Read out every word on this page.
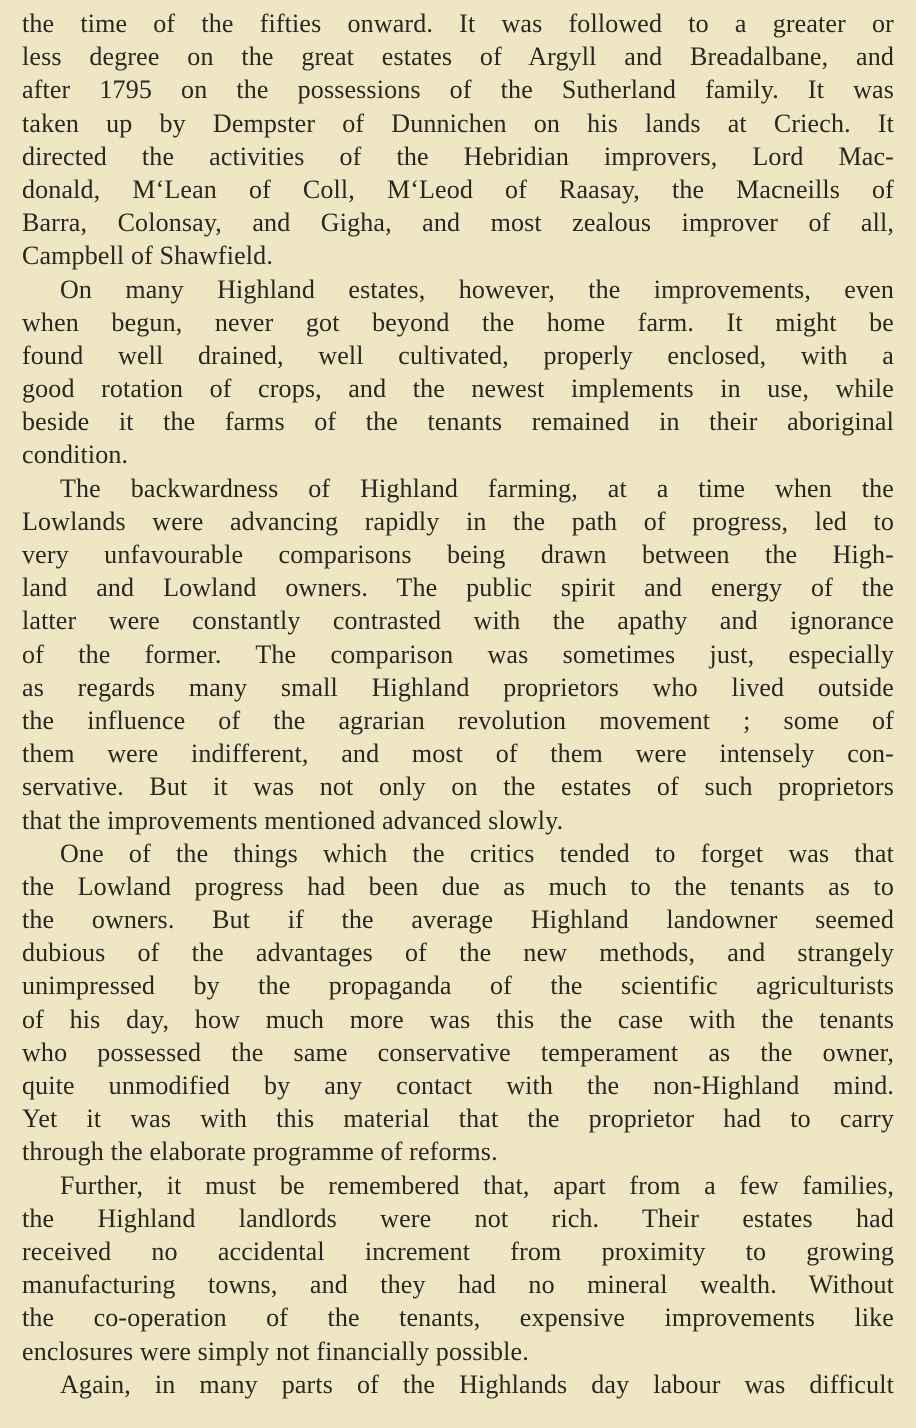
the time of the fifties onward. It was followed to a greater or
less degree on the great estates of Argyll and Breadalbane, and
after 1795 on the possessions of the Sutherland family. It was
taken up by Dempster of Dunnichen on his lands at Criech. It
directed the activities of the Hebridian improvers, Lord Mac-
donald, M‘Lean of Coll, M‘Leod of Raasay, the Macneills of
Barra, Colonsay, and Gigha, and most zealous improver of all,
Campbell of Shawfield.
On many Highland estates, however, the improvements, even
when begun, never got beyond the home farm. It might be
found well drained, well cultivated, properly enclosed, with a
good rotation of crops, and the newest implements in use, while
beside it the farms of the tenants remained in their aboriginal
condition.
The backwardness of Highland farming, at a time when the
Lowlands were advancing rapidly in the path of progress, led to
very unfavourable comparisons being drawn between the High-
land and Lowland owners. The public spirit and energy of the
latter were constantly contrasted with the apathy and ignorance
of the former. The comparison was sometimes just, especially
as regards many small Highland proprietors who lived outside
the influence of the agrarian revolution movement ; some of
them were indifferent, and most of them were intensely con-
servative. But it was not only on the estates of such proprietors
that the improvements mentioned advanced slowly.
One of the things which the critics tended to forget was that
the Lowland progress had been due as much to the tenants as to
the owners. But if the average Highland landowner seemed
dubious of the advantages of the new methods, and strangely
unimpressed by the propaganda of the scientific agriculturists
of his day, how much more was this the case with the tenants
who possessed the same conservative temperament as the owner,
quite unmodified by any contact with the non-Highland mind.
Yet it was with this material that the proprietor had to carry
through the elaborate programme of reforms.
Further, it must be remembered that, apart from a few families,
the Highland landlords were not rich. Their estates had
received no accidental increment from proximity to growing
manufacturing towns, and they had no mineral wealth. Without
the co-operation of the tenants, expensive improvements like
enclosures were simply not financially possible.
Again, in many parts of the Highlands day labour was difficult
